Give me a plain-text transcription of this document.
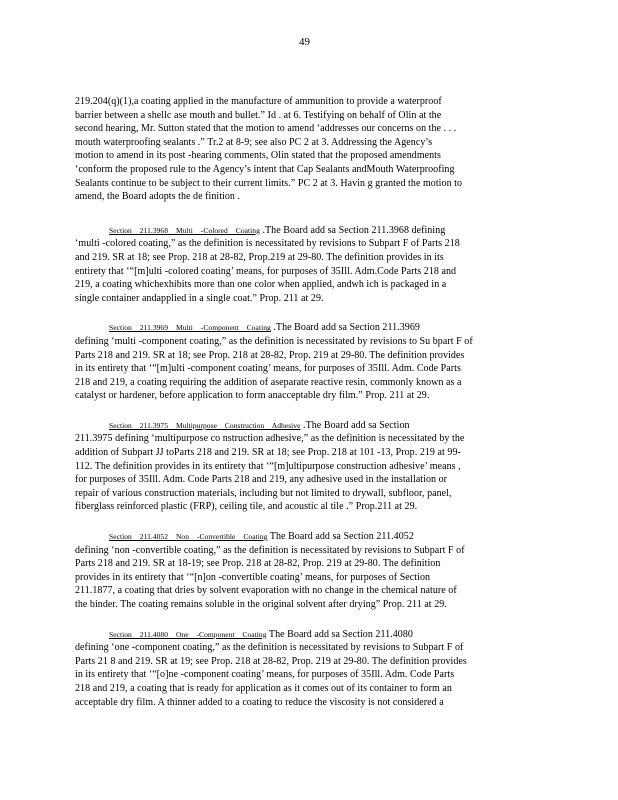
49
219.204(q)(1),a coating applied in the manufacture of ammunition to provide a waterproof
barrier between a shellc ase mouth and bullet.” Id . at 6. Testifying on behalf of Olin at the
second hearing, Mr. Sutton stated that the motion to amend ‘addresses our concerns on the . . .
mouth waterproofing sealants .” Tr.2 at 8-9; see also PC 2 at 3. Addressing the Agency’s
motion to amend in its post -hearing comments, Olin stated that the proposed amendments
‘conform the proposed rule to the Agency’s intent that Cap Sealants andMouth Waterproofing
Sealants continue to be subject to their current limits.” PC 2 at 3. Havin g granted the motion to
amend, the Board adopts the de finition .
Section 211.3968 Multi -Colored Coating .The Board add sa Section 211.3968 defining
‘multi -colored coating,” as the definition is necessitated by revisions to Subpart F of Parts 218
and 219. SR at 18; see Prop. 218 at 28-82, Prop.219 at 29-80. The definition provides in its
entirety that ‘“[m]ulti -colored coating’ means, for purposes of 35Ill. Adm.Code Parts 218 and
219, a coating whichexhibits more than one color when applied, andwh ich is packaged in a
single container andapplied in a single coat.” Prop. 211 at 29.
Section 211.3969 Multi -Component Coating .The Board add sa Section 211.3969
defining ‘multi -component coating,” as the definition is necessitated by revisions to Su bpart F of
Parts 218 and 219. SR at 18; see Prop. 218 at 28-82, Prop. 219 at 29-80. The definition provides
in its entirety that ‘“[m]ulti -component coating’ means, for purposes of 35Ill. Adm. Code Parts
218 and 219, a coating requiring the addition of aseparate reactive resin, commonly known as a
catalyst or hardener, before application to form anacceptable dry film.” Prop. 211 at 29.
Section 211.3975 Multipurpose Construction Adhesive .The Board add sa Section
211.3975 defining ‘multipurpose co nstruction adhesive,” as the definition is necessitated by the
addition of Subpart JJ toParts 218 and 219. SR at 18; see Prop. 218 at 101 -13, Prop. 219 at 99-
112. The definition provides in its entirety that ‘“[m]ultipurpose construction adhesive’ means ,
for purposes of 35Ill. Adm. Code Parts 218 and 219, any adhesive used in the installation or
repair of various construction materials, including but not limited to drywall, subfloor, panel,
fiberglass reinforced plastic (FRP), ceiling tile, and acoustic al tile .” Prop.211 at 29.
Section 211.4052 Non -Convertible Coating The Board add sa Section 211.4052
defining ‘non -convertible coating,” as the definition is necessitated by revisions to Subpart F of
Parts 218 and 219. SR at 18-19; see Prop. 218 at 28-82, Prop. 219 at 29-80. The definition
provides in its entirety that ‘“[n]on -convertible coating’ means, for purposes of Section
211.1877, a coating that dries by solvent evaporation with no change in the chemical nature of
the binder. The coating remains soluble in the original solvent after drying” Prop. 211 at 29.
Section 211.4080 One -Component Coating The Board add sa Section 211.4080
defining ‘one -component coating,” as the definition is necessitated by revisions to Subpart F of
Parts 21 8 and 219. SR at 19; see Prop. 218 at 28-82, Prop. 219 at 29-80. The definition provides
in its entirety that ‘“[o]ne -component coating’ means, for purposes of 35Ill. Adm. Code Parts
218 and 219, a coating that is ready for application as it comes out of its container to form an
acceptable dry film. A thinner added to a coating to reduce the viscosity is not considered a
